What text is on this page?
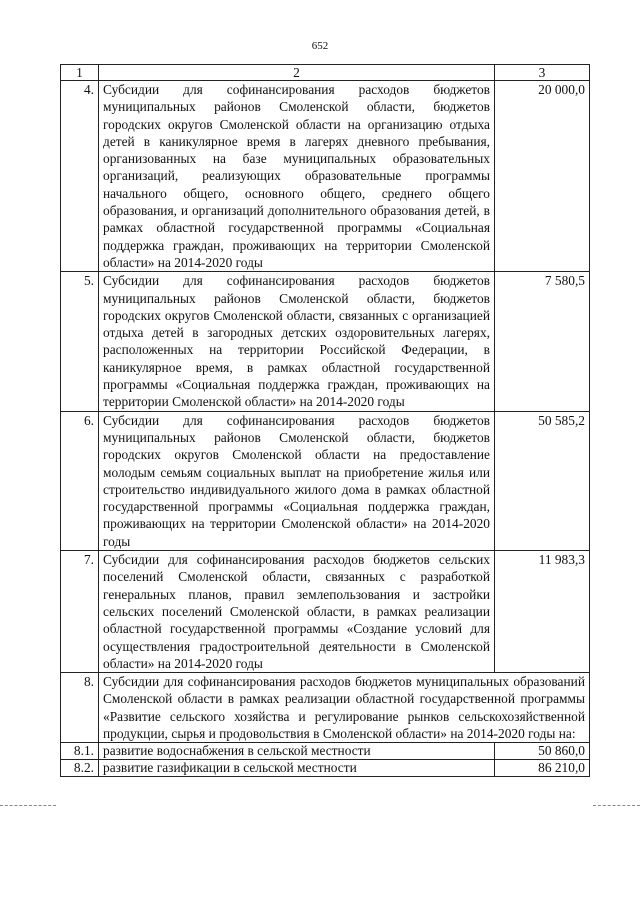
652
1	2	3
4.	Субсидии для софинансирования расходов бюджетов муниципальных районов Смоленской области, бюджетов городских округов Смоленской области на организацию отдыха детей в каникулярное время в лагерях дневного пребывания, организованных на базе муниципальных образовательных организаций, реализующих образовательные программы начального общего, основного общего, среднего общего образования, и организаций дополнительного образования детей, в рамках областной государственной программы «Социальная поддержка граждан, проживающих на территории Смоленской области» на 2014-2020 годы	20 000,0
5.	Субсидии для софинансирования расходов бюджетов муниципальных районов Смоленской области, бюджетов городских округов Смоленской области, связанных с организацией отдыха детей в загородных детских оздоровительных лагерях, расположенных на территории Российской Федерации, в каникулярное время, в рамках областной государственной программы «Социальная поддержка граждан, проживающих на территории Смоленской области» на 2014-2020 годы	7 580,5
6.	Субсидии для софинансирования расходов бюджетов муниципальных районов Смоленской области, бюджетов городских округов Смоленской области на предоставление молодым семьям социальных выплат на приобретение жилья или строительство индивидуального жилого дома в рамках областной государственной программы «Социальная поддержка граждан, проживающих на территории Смоленской области» на 2014-2020 годы	50 585,2
7.	Субсидии для софинансирования расходов бюджетов сельских поселений Смоленской области, связанных с разработкой генеральных планов, правил землепользования и застройки сельских поселений Смоленской области, в рамках реализации областной государственной программы «Создание условий для осуществления градостроительной деятельности в Смоленской области» на 2014-2020 годы	11 983,3
8.	Субсидии для софинансирования расходов бюджетов муниципальных образований Смоленской области в рамках реализации областной государственной программы «Развитие сельского хозяйства и регулирование рынков сельскохозяйственной продукции, сырья и продовольствия в Смоленской области» на 2014-2020 годы на:	
8.1.	развитие водоснабжения в сельской местности	50 860,0
8.2.	развитие газификации в сельской местности	86 210,0
